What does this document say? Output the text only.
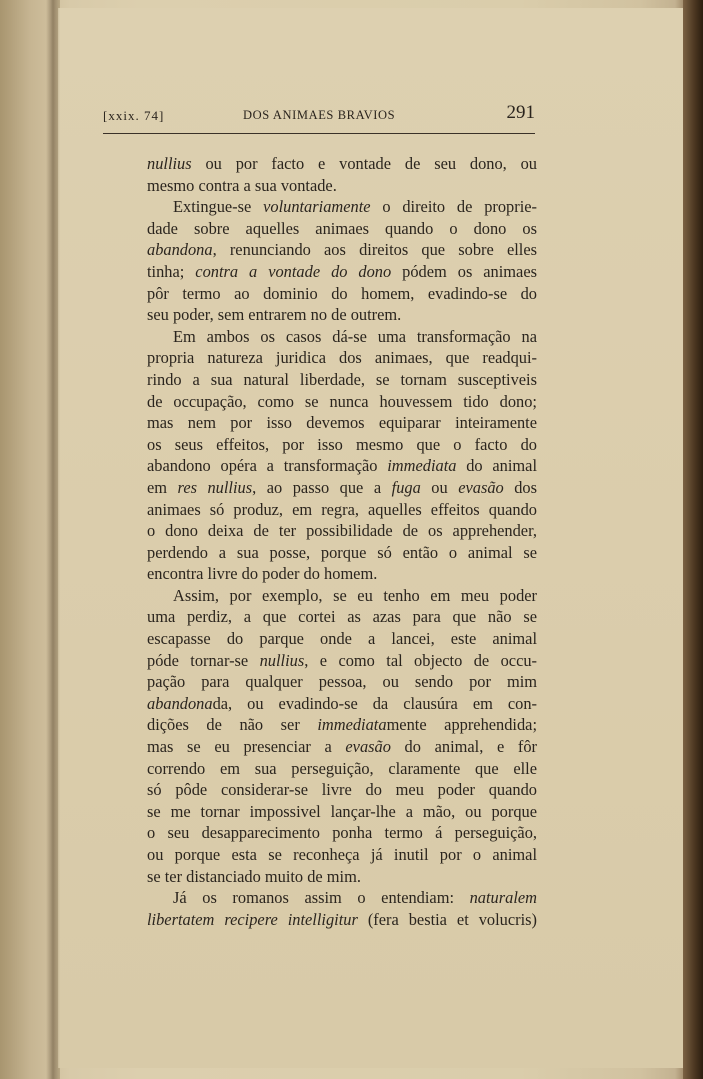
[xxix. 74]	DOS ANIMAES BRAVIOS	291
nullius ou por facto e vontade de seu dono, ou
mesmo contra a sua vontade.
Extingue-se voluntariamente o direito de proprie-
dade sobre aquelles animaes quando o dono os
abandona, renunciando aos direitos que sobre elles
tinha; contra a vontade do dono pódem os animaes
pôr termo ao dominio do homem, evadindo-se do
seu poder, sem entrarem no de outrem.
Em ambos os casos dá-se uma transformação na
propria natureza juridica dos animaes, que readqui-
rindo a sua natural liberdade, se tornam susceptiveis
de occupação, como se nunca houvessem tido dono;
mas nem por isso devemos equiparar inteiramente
os seus effeitos, por isso mesmo que o facto do
abandono opéra a transformação immediata do animal
em res nullius, ao passo que a fuga ou evasão dos
animaes só produz, em regra, aquelles effeitos quando
o dono deixa de ter possibilidade de os apprehender,
perdendo a sua posse, porque só então o animal se
encontra livre do poder do homem.
Assim, por exemplo, se eu tenho em meu poder
uma perdiz, a que cortei as azas para que não se
escapasse do parque onde a lancei, este animal
póde tornar-se nullius, e como tal objecto de occu-
pação para qualquer pessoa, ou sendo por mim
abandonada, ou evadindo-se da clausúra em con-
dições de não ser immediatamente apprehendida;
mas se eu presenciar a evasão do animal, e fôr
correndo em sua perseguição, claramente que elle
só pôde considerar-se livre do meu poder quando
se me tornar impossivel lançar-lhe a mão, ou porque
o seu desapparecimento ponha termo á perseguição,
ou porque esta se reconheça já inutil por o animal
se ter distanciado muito de mim.
Já os romanos assim o entendiam: naturalem
libertatem recipere intelligitur (fera bestia et volucris)
